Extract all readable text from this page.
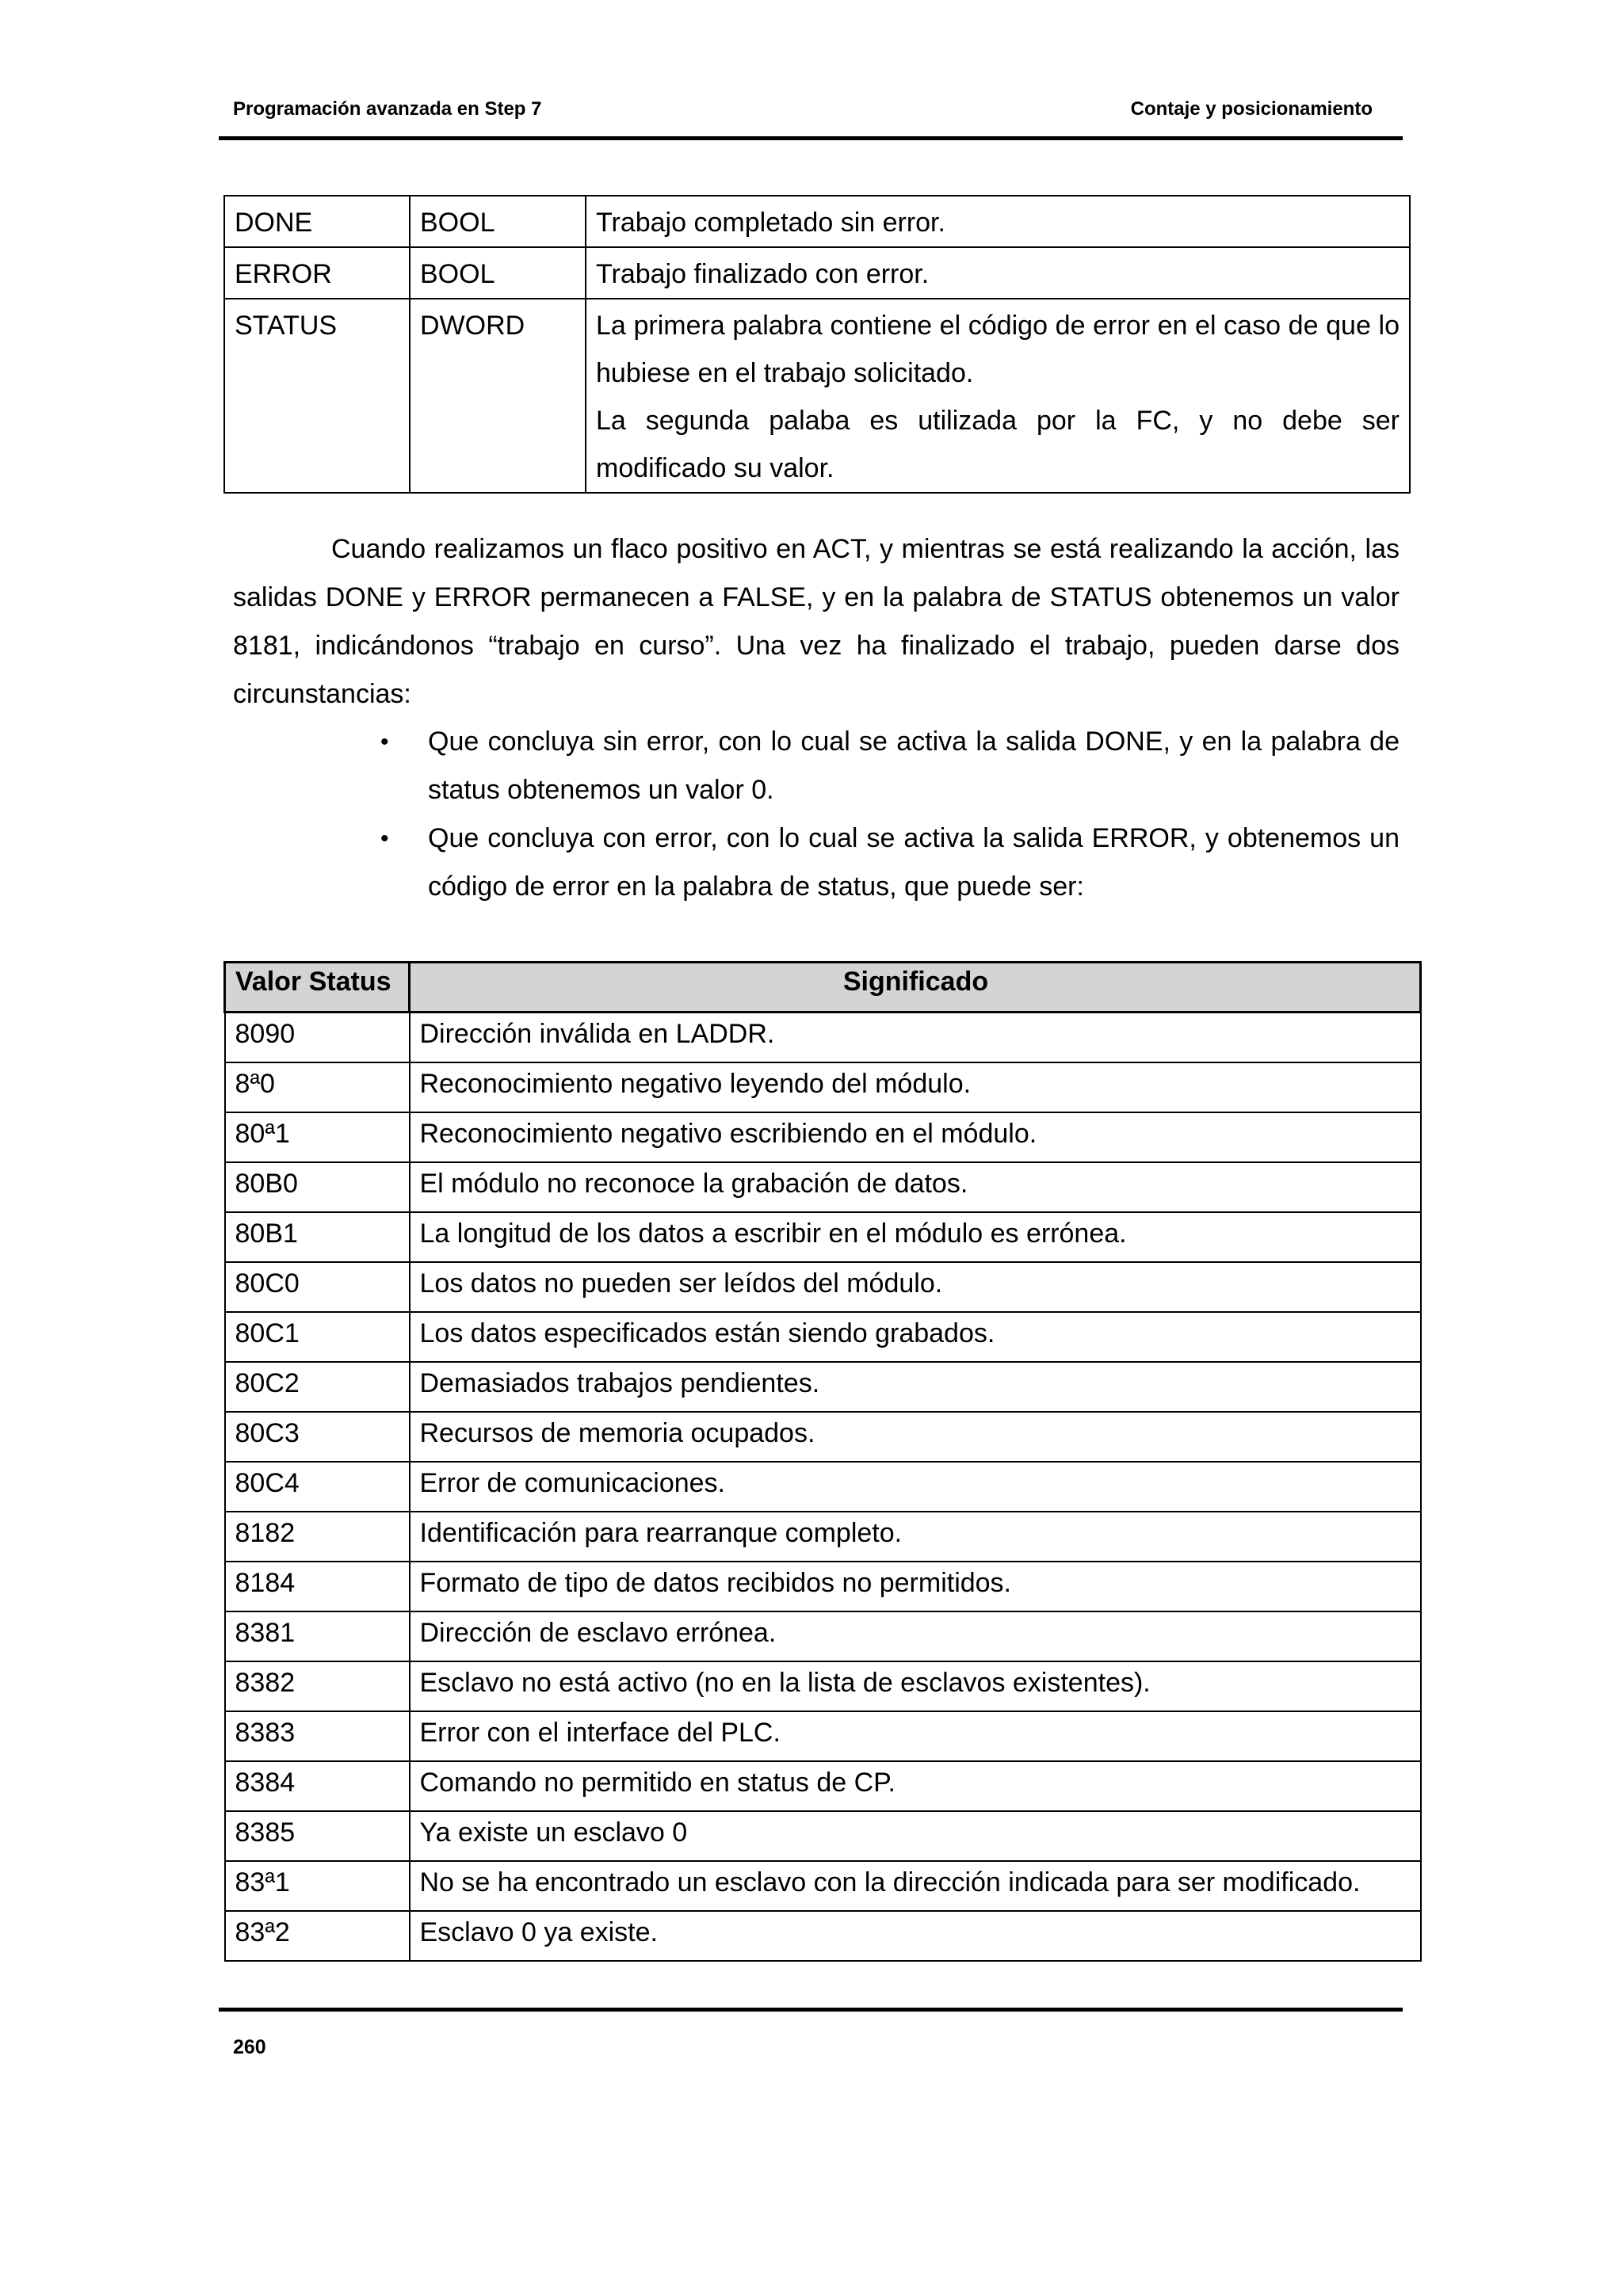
Programación avanzada en Step 7	Contaje y posicionamiento
DONE	BOOL	Trabajo completado sin error.

ERROR	BOOL	Trabajo finalizado con error.

STATUS	DWORD	La primera palabra contiene el código de error en el caso de que lo hubiese en el trabajo solicitado.
La segunda palaba es utilizada por la FC, y no debe ser modificado su valor.

Cuando realizamos un flaco positivo en ACT, y mientras se está realizando la acción, las salidas DONE y ERROR permanecen a FALSE, y en la palabra de STATUS obtenemos un valor 8181, indicándonos “trabajo en curso”. Una vez ha finalizado el trabajo, pueden darse dos circunstancias:

• Que concluya sin error, con lo cual se activa la salida DONE, y en la palabra de status obtenemos un valor 0.
• Que concluya con error, con lo cual se activa la salida ERROR, y obtenemos un código de error en la palabra de status, que puede ser:
Valor Status	Significado
8090	Dirección inválida en LADDR.
8ª0	Reconocimiento negativo leyendo del módulo.
80ª1	Reconocimiento negativo escribiendo en el módulo.
80B0	El módulo no reconoce la grabación de datos.
80B1	La longitud de los datos a escribir en el módulo es errónea.
80C0	Los datos no pueden ser leídos del módulo.
80C1	Los datos especificados están siendo grabados.
80C2	Demasiados trabajos pendientes.
80C3	Recursos de memoria ocupados.
80C4	Error de comunicaciones.
8182	Identificación para rearranque completo.
8184	Formato de tipo de datos recibidos no permitidos.
8381	Dirección de esclavo errónea.
8382	Esclavo no está activo (no en la lista de esclavos existentes).
8383	Error con el interface del PLC.
8384	Comando no permitido en status de CP.
8385	Ya existe un esclavo 0
83ª1	No se ha encontrado un esclavo con la dirección indicada para ser modificado.
83ª2	Esclavo 0 ya existe.
260
